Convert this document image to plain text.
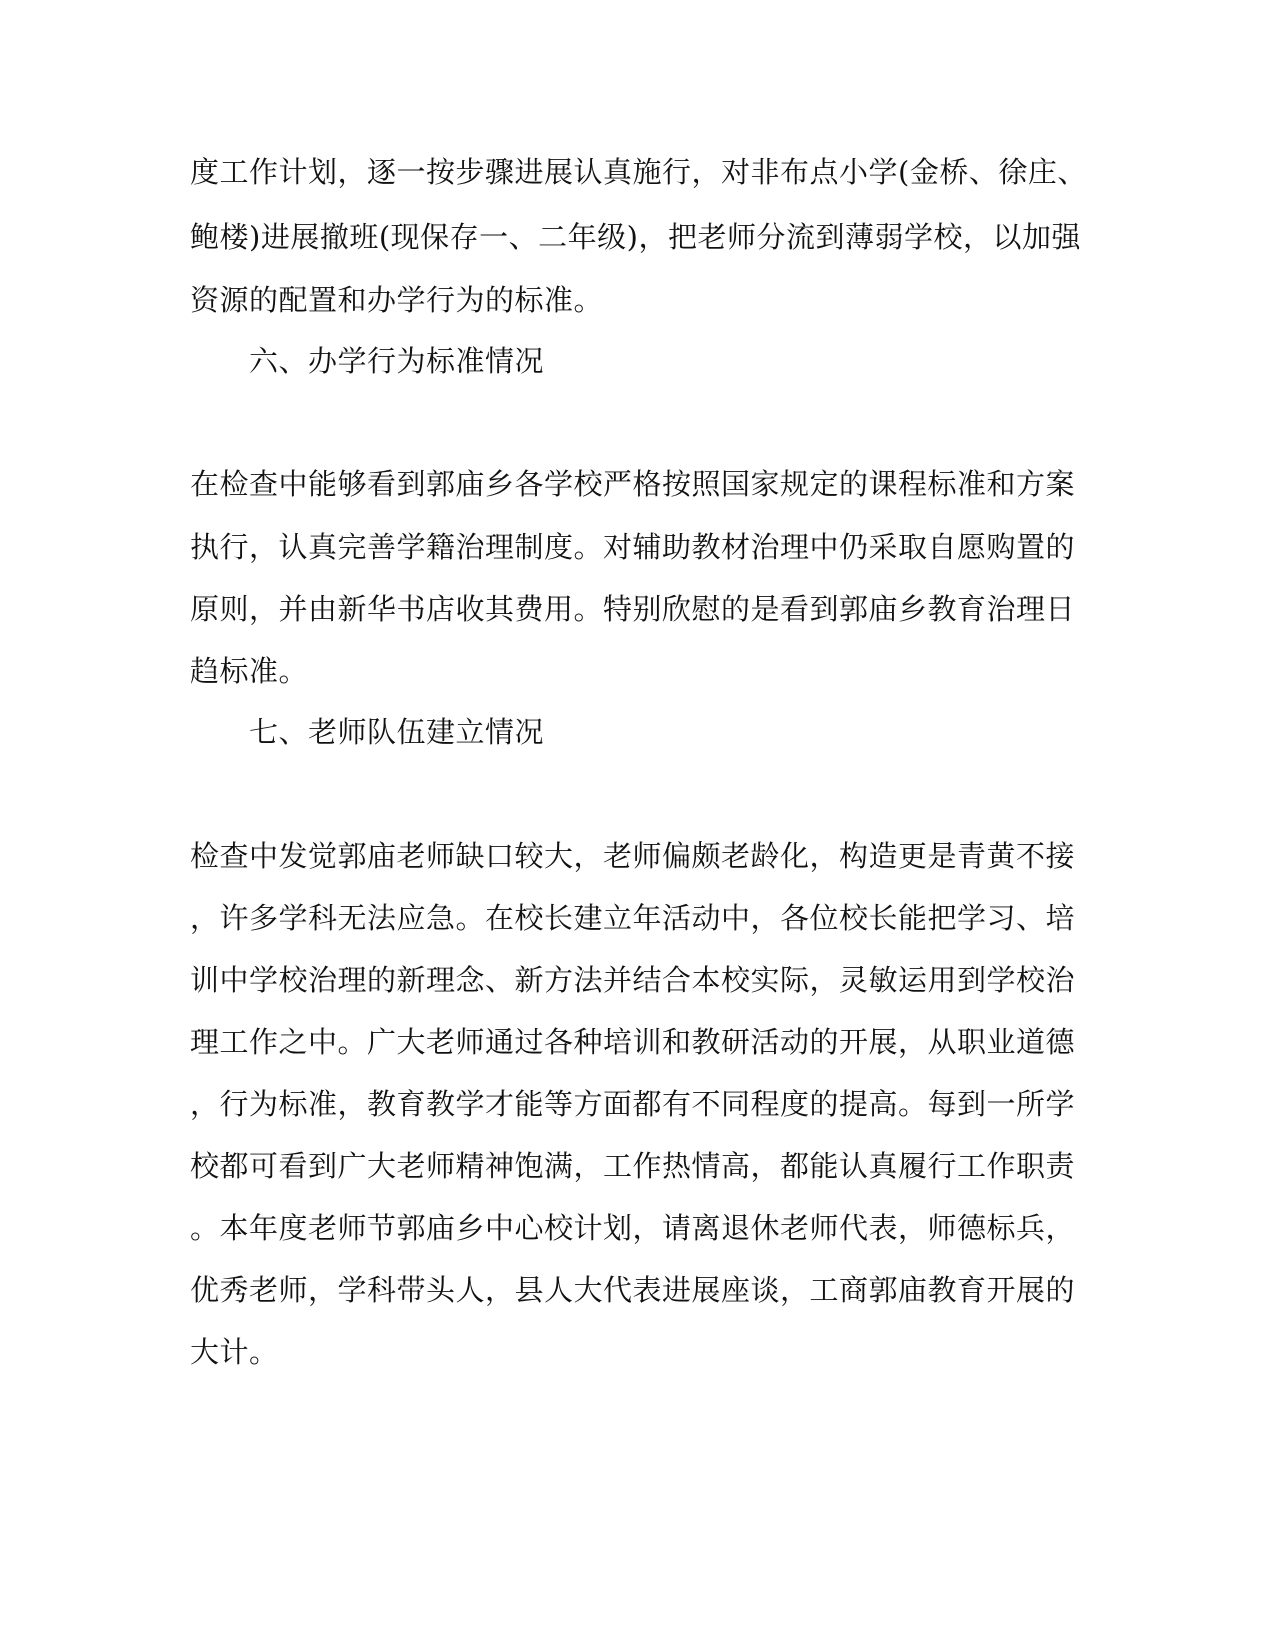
度工作计划，逐一按步骤进展认真施行，对非布点小学(金桥、徐庄、
鲍楼)进展撤班(现保存一、二年级)，把老师分流到薄弱学校，以加强
资源的配置和办学行为的标准。
六、办学行为标准情况
在检查中能够看到郭庙乡各学校严格按照国家规定的课程标准和方案
执行，认真完善学籍治理制度。对辅助教材治理中仍采取自愿购置的
原则，并由新华书店收其费用。特别欣慰的是看到郭庙乡教育治理日
趋标准。
七、老师队伍建立情况
检查中发觉郭庙老师缺口较大，老师偏颇老龄化，构造更是青黄不接
，许多学科无法应急。在校长建立年活动中，各位校长能把学习、培
训中学校治理的新理念、新方法并结合本校实际，灵敏运用到学校治
理工作之中。广大老师通过各种培训和教研活动的开展，从职业道德
，行为标准，教育教学才能等方面都有不同程度的提高。每到一所学
校都可看到广大老师精神饱满，工作热情高，都能认真履行工作职责
。本年度老师节郭庙乡中心校计划，请离退休老师代表，师德标兵，
优秀老师，学科带头人，县人大代表进展座谈，工商郭庙教育开展的
大计。
